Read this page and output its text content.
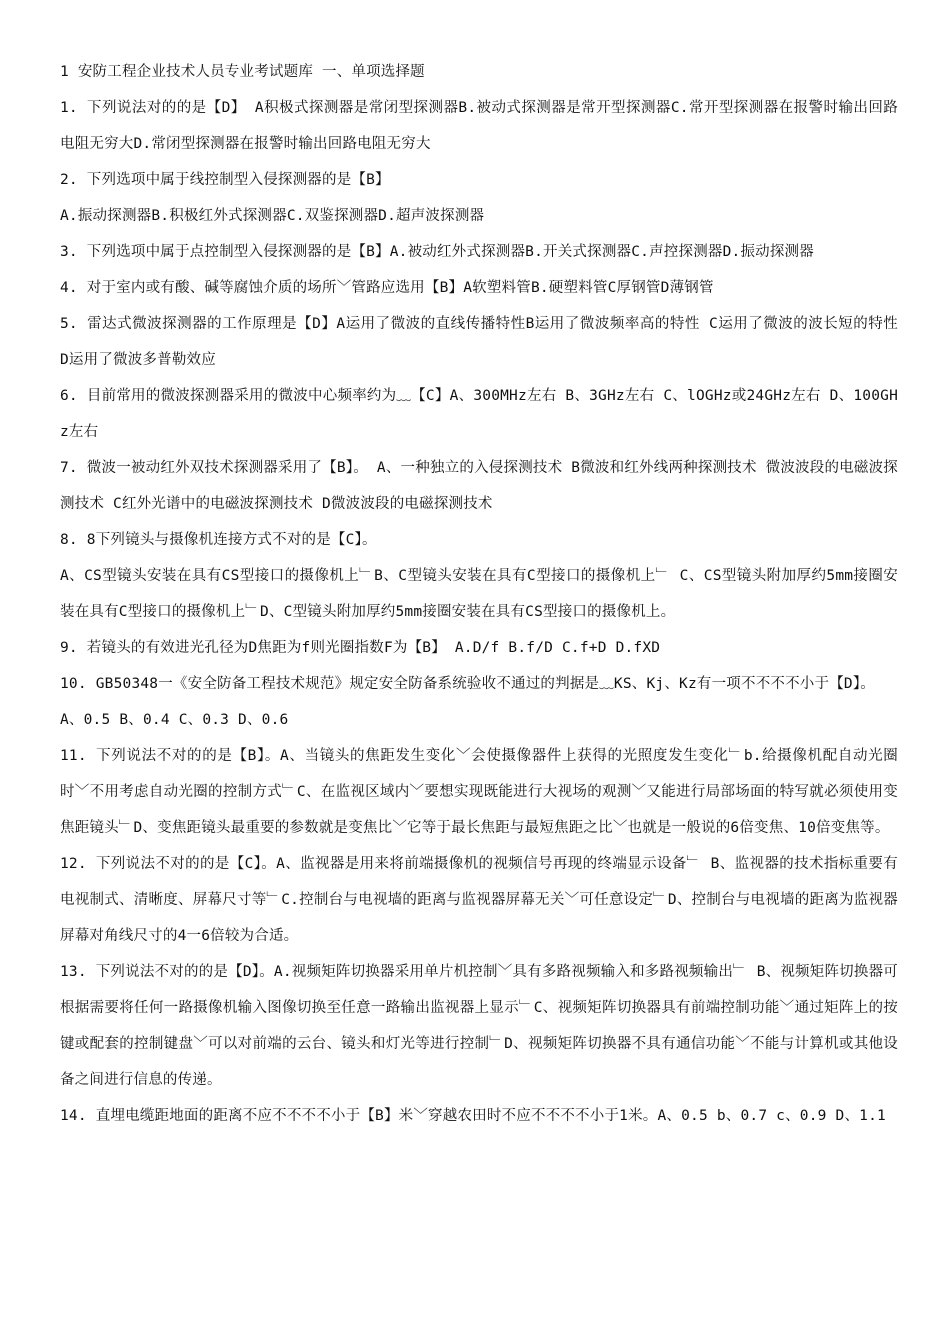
1 安防工程企业技术人员专业考试题库 一、单项选择题

1. 下列说法对的的是【D】 A积极式探测器是常闭型探测器B.被动式探测器是常开型探测器C.常开型探测器在报警时输出回路电阻无穷大D.常闭型探测器在报警时输出回路电阻无穷大

2. 下列选项中属于线控制型入侵探测器的是【B】

A.振动探测器B.积极红外式探测器C.双鉴探测器D.超声波探测器

3. 下列选项中属于点控制型入侵探测器的是【B】A.被动红外式探测器B.开关式探测器C.声控探测器D.振动探测器

4. 对于室内或有酸、碱等腐蚀介质的场所﹀管路应选用【B】A软塑料管B.硬塑料管C厚钢管D薄钢管

5. 雷达式微波探测器的工作原理是【D】A运用了微波的直线传播特性B运用了微波频率高的特性 C运用了微波的波长短的特性 D运用了微波多普勒效应

6. 目前常用的微波探测器采用的微波中心频率约为﹏【C】A、300MHz左右 B、3GHz左右 C、lOGHz或24GHz左右 D、100GHz左右

7. 微波一被动红外双技术探测器采用了【B】。 A、一种独立的入侵探测技术 B微波和红外线两种探测技术 微波波段的电磁波探测技术 C红外光谱中的电磁波探测技术 D微波波段的电磁探测技术

8. 8下列镜头与摄像机连接方式不对的是【C】。

A、CS型镜头安装在具有CS型接口的摄像机上﹂B、C型镜头安装在具有C型接口的摄像机上﹂ C、CS型镜头附加厚约5mm接圈安装在具有C型接口的摄像机上﹂D、C型镜头附加厚约5mm接圈安装在具有CS型接口的摄像机上。

9. 若镜头的有效进光孔径为D焦距为f则光圈指数F为【B】 A.D/f B.f/D C.f+D D.fXD

10. GB50348一《安全防备工程技术规范》规定安全防备系统验收不通过的判据是﹏KS、Kj、Kz有一项不不不不小于【D】。

A、0.5 B、0.4 C、0.3 D、0.6

11. 下列说法不对的的是【B】。A、当镜头的焦距发生变化﹀会使摄像器件上获得的光照度发生变化﹂b.给摄像机配自动光圈时﹀不用考虑自动光圈的控制方式﹂C、在监视区域内﹀要想实现既能进行大视场的观测﹀又能进行局部场面的特写就必须使用变焦距镜头﹂D、变焦距镜头最重要的参数就是变焦比﹀它等于最长焦距与最短焦距之比﹀也就是一般说的6倍变焦、10倍变焦等。

12. 下列说法不对的的是【C】。A、监视器是用来将前端摄像机的视频信号再现的终端显示设备﹂ B、监视器的技术指标重要有电视制式、清晰度、屏幕尺寸等﹂C.控制台与电视墙的距离与监视器屏幕无关﹀可任意设定﹂D、控制台与电视墙的距离为监视器屏幕对角线尺寸的4一6倍较为合适。

13. 下列说法不对的的是【D】。A.视频矩阵切换器采用单片机控制﹀具有多路视频输入和多路视频输出﹂ B、视频矩阵切换器可根据需要将任何一路摄像机输入图像切换至任意一路输出监视器上显示﹂C、视频矩阵切换器具有前端控制功能﹀通过矩阵上的按键或配套的控制键盘﹀可以对前端的云台、镜头和灯光等进行控制﹂D、视频矩阵切换器不具有通信功能﹀不能与计算机或其他设备之间进行信息的传递。

14. 直埋电缆距地面的距离不应不不不不小于【B】米﹀穿越农田时不应不不不不小于1米。A、0.5 b、0.7 c、0.9 D、1.1
